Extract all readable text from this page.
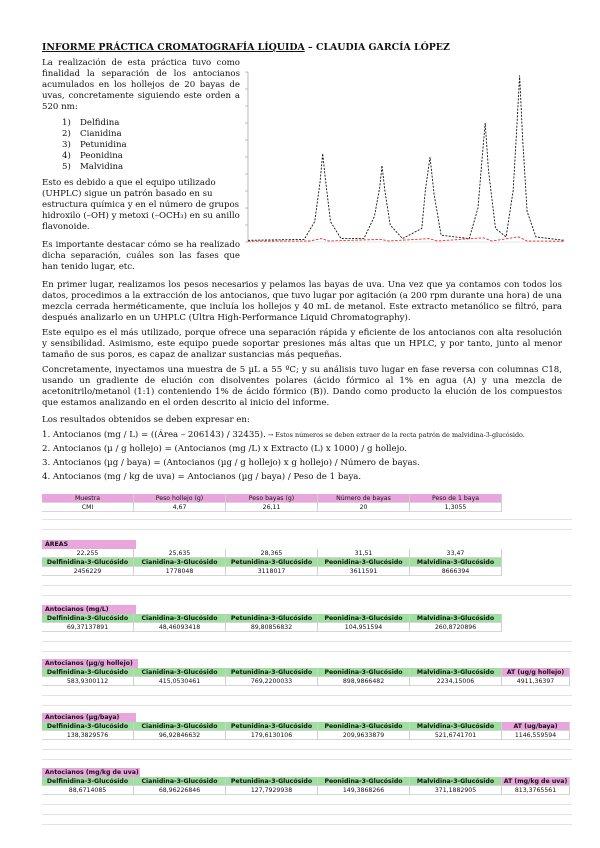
INFORME PRÁCTICA CROMATOGRAFÍA LÍQUIDA – CLAUDIA GARCÍA LÓPEZ

La realización de esta práctica tuvo como finalidad la separación de los antocianos acumulados en los hollejos de 20 bayas de uvas, concretamente siguiendo este orden a 520 nm:

1) Delfidina
2) Cianidina
3) Petunidina
4) Peonidina
5) Malvidina

Esto es debido a que el equipo utilizado (UHPLC) sigue un patrón basado en su estructura química y en el número de grupos hidroxilo (–OH) y metoxi (–OCH₃) en su anillo flavonoide.

Es importante destacar cómo se ha realizado dicha separación, cuáles son las fases que han tenido lugar, etc.

En primer lugar, realizamos los pesos necesarios y pelamos las bayas de uva. Una vez que ya contamos con todos los datos, procedimos a la extracción de los antocianos, que tuvo lugar por agitación (a 200 rpm durante una hora) de una mezcla cerrada herméticamente, que incluía los hollejos y 40 mL de metanol. Este extracto metanólico se filtró, para después analizarlo en un UHPLC (Ultra High-Performance Liquid Chromatography).

Este equipo es el más utilizado, porque ofrece una separación rápida y eficiente de los antocianos con alta resolución y sensibilidad. Asimismo, este equipo puede soportar presiones más altas que un HPLC, y por tanto, junto al menor tamaño de sus poros, es capaz de analizar sustancias más pequeñas.

Concretamente, inyectamos una muestra de 5 µL a 55 ºC; y su análisis tuvo lugar en fase reversa con columnas C18, usando un gradiente de elución con disolventes polares (ácido fórmico al 1% en agua (A) y una mezcla de acetonitrilo/metanol (1:1) conteniendo 1% de ácido fórmico (B)). Dando como producto la elución de los compuestos que estamos analizando en el orden descrito al inicio del informe.

Los resultados obtenidos se deben expresar en:

1. Antocianos (mg / L) = ((Área – 206143) / 32435). → Estos números se deben extraer de la recta patrón de malvidina-3-glucósido.
2. Antocianos (µ / g hollejo) = (Antocianos (mg /L) x Extracto (L) x 1000) / g hollejo.
3. Antocianos (µg / baya) = (Antocianos (µg / g hollejo) x g hollejo) / Número de bayas.
4. Antocianos (mg / kg de uva) = Antocianos (µg / baya) / Peso de 1 baya.
Muestra	Peso hollejo (g)	Peso bayas (g)	Número de bayas	Peso de 1 baya
CMI	4,67	26,11	20	1,3055
ÁREAS
22,255	25,635	28,365	31,51	33,47
Delfinidina-3-Glucósido	Cianidina-3-Glucósido	Petunidina-3-Glucósido	Peonidina-3-Glucósido	Malvidina-3-Glucósido
2456229	1778048	3118017	3611591	8666394
Antocianos (mg/L)
Delfinidina-3-Glucósido	Cianidina-3-Glucósido	Petunidina-3-Glucósido	Peonidina-3-Glucósido	Malvidina-3-Glucósido
69,37137891	48,46093418	89,80856832	104,951594	260,8720896
Antocianos (µg/g hollejo)
Delfinidina-3-Glucósido	Cianidina-3-Glucósido	Petunidina-3-Glucósido	Peonidina-3-Glucósido	Malvidina-3-Glucósido	AT (ug/g hollejo)
583,9300112	415,0530461	769,2200033	898,9866482	2234,15006	4911,36397
Antocianos (µg/baya)
Delfinidina-3-Glucósido	Cianidina-3-Glucósido	Petunidina-3-Glucósido	Peonidina-3-Glucósido	Malvidina-3-Glucósido	AT (ug/baya)
138,3829576	96,92846632	179,6130106	209,9633879	521,6741701	1146,559594
Antocianos (mg/kg de uva)
Delfinidina-3-Glucósido	Cianidina-3-Glucósido	Petunidina-3-Glucósido	Peonidina-3-Glucósido	Malvidina-3-Glucósido	AT (mg/kg de uva)
88,6714085	68,96226846	127,7929938	149,3868266	371,1882905	813,3765561
